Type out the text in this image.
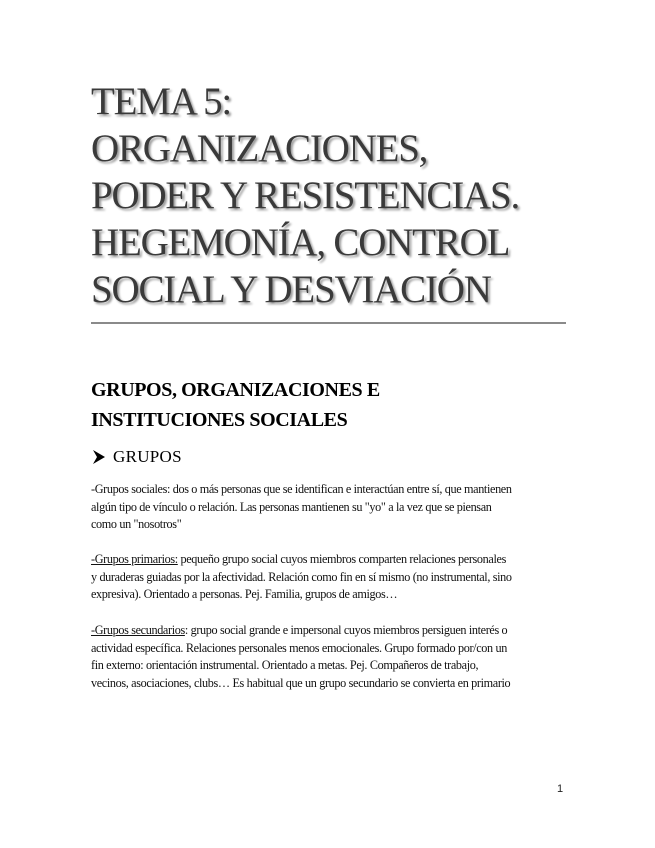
TEMA 5:
ORGANIZACIONES,
PODER Y RESISTENCIAS.
HEGEMONÍA, CONTROL
SOCIAL Y DESVIACIÓN
GRUPOS, ORGANIZACIONES E
INSTITUCIONES SOCIALES
GRUPOS
-Grupos sociales: dos o más personas que se identifican e interactúan entre sí, que mantienen
algún tipo de vínculo o relación. Las personas mantienen su "yo" a la vez que se piensan
como un "nosotros"
-Grupos primarios: pequeño grupo social cuyos miembros comparten relaciones personales
y duraderas guiadas por la afectividad. Relación como fin en sí mismo (no instrumental, sino
expresiva). Orientado a personas. Pej. Familia, grupos de amigos…
-Grupos secundarios: grupo social grande e impersonal cuyos miembros persiguen interés o
actividad específica. Relaciones personales menos emocionales. Grupo formado por/con un
fin externo: orientación instrumental. Orientado a metas. Pej. Compañeros de trabajo,
vecinos, asociaciones, clubs… Es habitual que un grupo secundario se convierta en primario
1
